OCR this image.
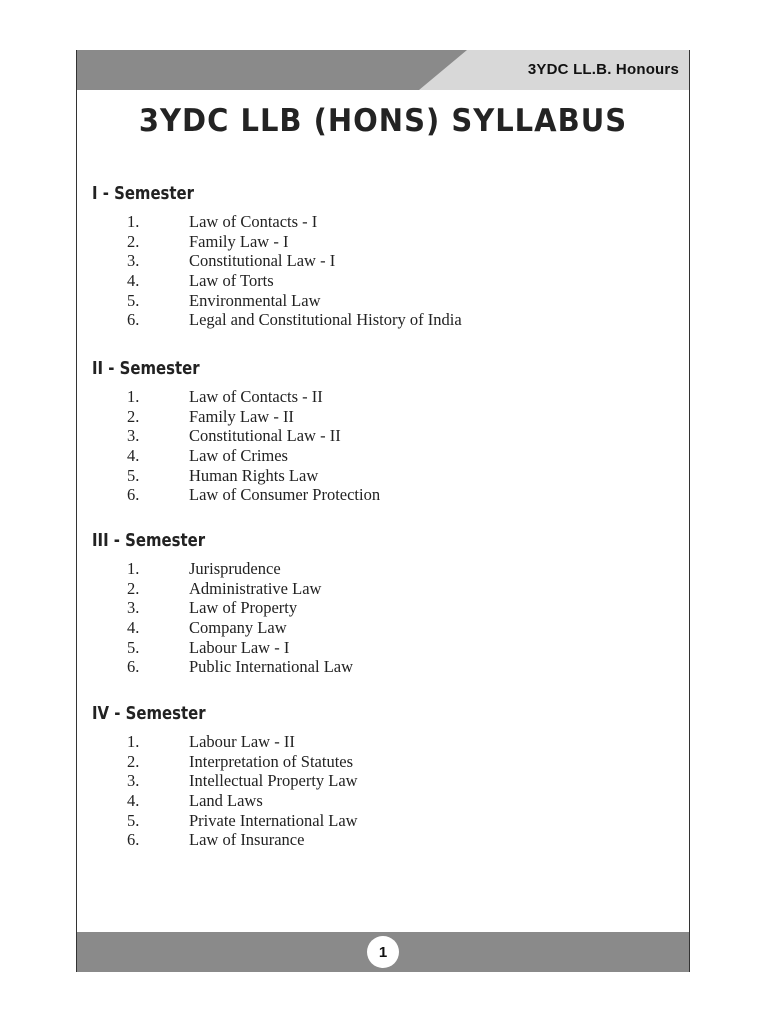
3YDC LL.B. Honours
3YDC LLB (HONS) SYLLABUS
I - Semester
1.	Law of Contacts - I
2.	Family Law - I
3.	Constitutional Law - I
4.	Law of Torts
5.	Environmental Law
6.	Legal and Constitutional History of India
II - Semester
1.	Law of Contacts - II
2.	Family Law - II
3.	Constitutional Law - II
4.	Law of Crimes
5.	Human Rights Law
6.	Law of Consumer Protection
III - Semester
1.	Jurisprudence
2.	Administrative Law
3.	Law of Property
4.	Company Law
5.	Labour Law - I
6.	Public International Law
IV - Semester
1.	Labour Law - II
2.	Interpretation of Statutes
3.	Intellectual Property Law
4.	Land Laws
5.	Private International Law
6.	Law of Insurance
1
